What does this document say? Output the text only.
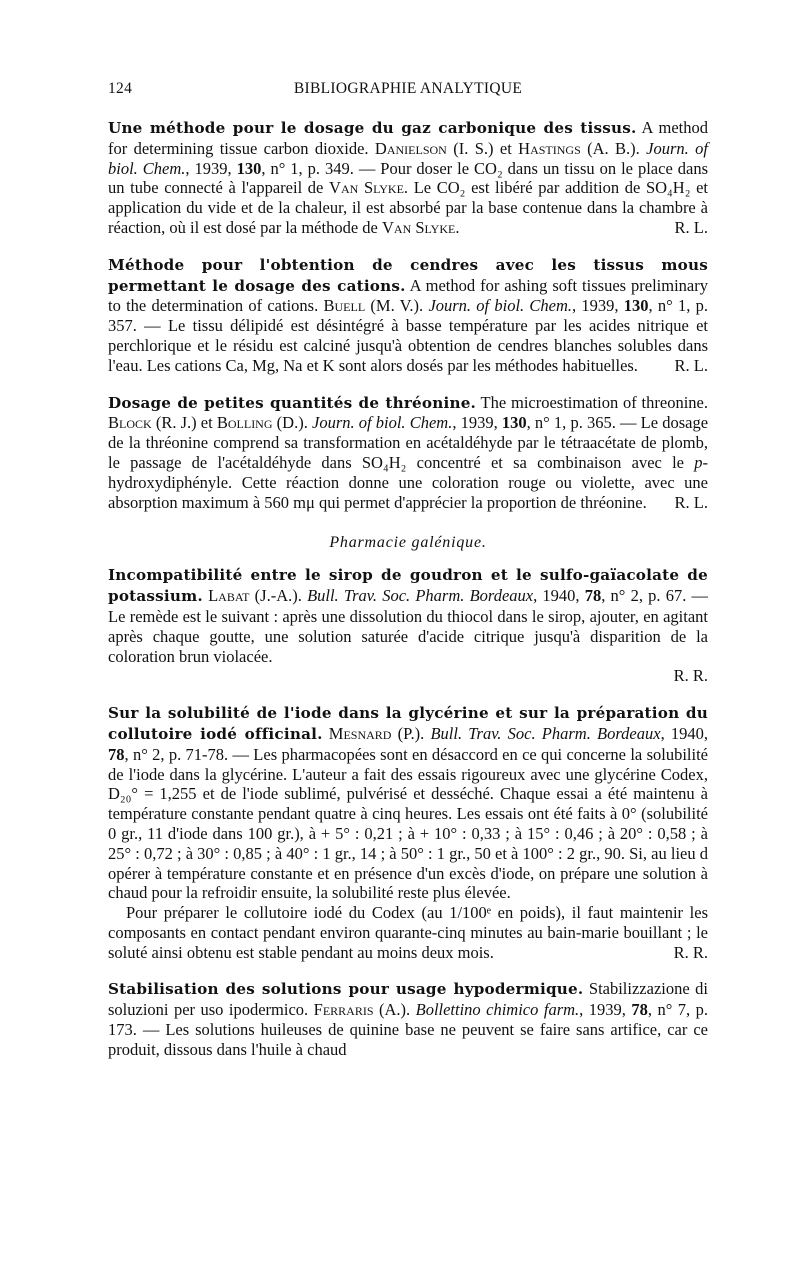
124	BIBLIOGRAPHIE ANALYTIQUE

Une méthode pour le dosage du gaz carbonique des tissus. A method for determining tissue carbon dioxide. Danielson (I. S.) et Hastings (A. B.). Journ. of biol. Chem., 1939, 130, n° 1, p. 349. — Pour doser le CO₂ dans un tissu on le place dans un tube connecté à l'appareil de Van Slyke. Le CO₂ est libéré par addition de SO₄H₂ et application du vide et de la chaleur, il est absorbé par la base contenue dans la chambre à réaction, où il est dosé par la méthode de Van Slyke.	R. L.

Méthode pour l'obtention de cendres avec les tissus mous permettant le dosage des cations. A method for ashing soft tissues preliminary to the determination of cations. Buell (M. V.). Journ. of biol. Chem., 1939, 130, n° 1, p. 357. — Le tissu délipidé est désintégré à basse température par les acides nitrique et perchlorique et le résidu est calciné jusqu'à obtention de cendres blanches solubles dans l'eau. Les cations Ca, Mg, Na et K sont alors dosés par les méthodes habituelles. R. L.

Dosage de petites quantités de thréonine. The microestimation of threonine. Block (R. J.) et Bolling (D.). Journ. of biol. Chem., 1939, 130, n° 1, p. 365. — Le dosage de la thréonine comprend sa transformation en acétaldéhyde par le tétraacétate de plomb, le passage de l'acétaldéhyde dans SO₄H₂ concentré et sa combinaison avec le p-hydroxydiphényle. Cette réaction donne une coloration rouge ou violette, avec une absorption maximum à 560 mμ qui permet d'apprécier la proportion de thréonine. R. L.

Pharmacie galénique.

Incompatibilité entre le sirop de goudron et le sulfo-gaïacolate de potassium. Labat (J.-A.). Bull. Trav. Soc. Pharm. Bordeaux, 1940, 78, n° 2, p. 67. — Le remède est le suivant : après une dissolution du thiocol dans le sirop, ajouter, en agitant après chaque goutte, une solution saturée d'acide citrique jusqu'à disparition de la coloration brun violacée.

R. R.

Sur la solubilité de l'iode dans la glycérine et sur la préparation du collutoire iodé officinal. Mesnard (P.). Bull. Trav. Soc. Pharm. Bordeaux, 1940, 78, n° 2, p. 71-78. — Les pharmacopées sont en désaccord en ce qui concerne la solubilité de l'iode dans la glycérine. L'auteur a fait des essais rigoureux avec une glycérine Codex, D₂₀° = 1,255 et de l'iode sublimé, pulvérisé et desséché. Chaque essai a été maintenu à température constante pendant quatre à cinq heures. Les essais ont été faits à 0° (solubilité 0 gr., 11 d'iode dans 100 gr.), à + 5° : 0,21 ; à + 10° : 0,33 ; à 15° : 0,46 ; à 20° : 0,58 ; à 25° : 0,72 ; à 30° : 0,85 ; à 40° : 1 gr., 14 ; à 50° : 1 gr., 50 et à 100° : 2 gr., 90. Si, au lieu d opérer à température constante et en présence d'un excès d'iode, on prépare une solution à chaud pour la refroidir ensuite, la solubilité reste plus élevée.

Pour préparer le collutoire iodé du Codex (au 1/100ᵉ en poids), il faut maintenir les composants en contact pendant environ quarante-cinq minutes au bain-marie bouillant ; le soluté ainsi obtenu est stable pendant au moins deux mois.	R. R.

Stabilisation des solutions pour usage hypodermique. Stabilizzazione di soluzioni per uso ipodermico. Ferraris (A.). Bollettino chimico farm., 1939, 78, n° 7, p. 173. — Les solutions huileuses de quinine base ne peuvent se faire sans artifice, car ce produit, dissous dans l'huile à chaud
